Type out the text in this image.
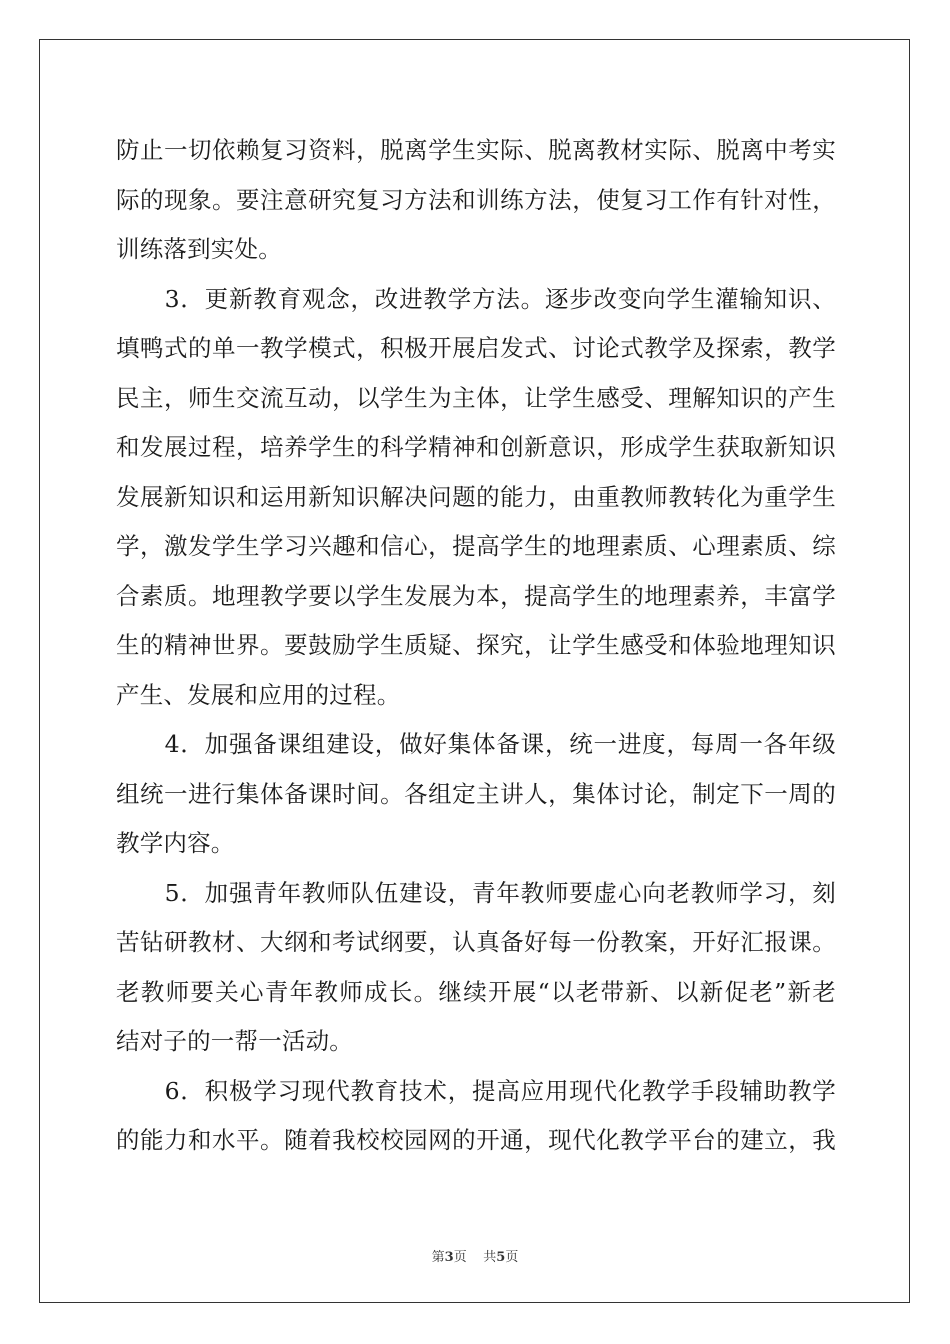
防止一切依赖复习资料，脱离学生实际、脱离教材实际、脱离中考实
际的现象。要注意研究复习方法和训练方法，使复习工作有针对性，
训练落到实处。
　　3．更新教育观念，改进教学方法。逐步改变向学生灌输知识、
填鸭式的单一教学模式，积极开展启发式、讨论式教学及探索，教学
民主，师生交流互动，以学生为主体，让学生感受、理解知识的产生
和发展过程，培养学生的科学精神和创新意识，形成学生获取新知识
发展新知识和运用新知识解决问题的能力，由重教师教转化为重学生
学，激发学生学习兴趣和信心，提高学生的地理素质、心理素质、综
合素质。地理教学要以学生发展为本，提高学生的地理素养，丰富学
生的精神世界。要鼓励学生质疑、探究，让学生感受和体验地理知识
产生、发展和应用的过程。
　　4．加强备课组建设，做好集体备课，统一进度，每周一各年级
组统一进行集体备课时间。各组定主讲人，集体讨论，制定下一周的
教学内容。
　　5．加强青年教师队伍建设，青年教师要虚心向老教师学习，刻
苦钻研教材、大纲和考试纲要，认真备好每一份教案，开好汇报课。
老教师要关心青年教师成长。继续开展“以老带新、以新促老”新老
结对子的一帮一活动。
　　6．积极学习现代教育技术，提高应用现代化教学手段辅助教学
的能力和水平。随着我校校园网的开通，现代化教学平台的建立，我
第3页 共5页
